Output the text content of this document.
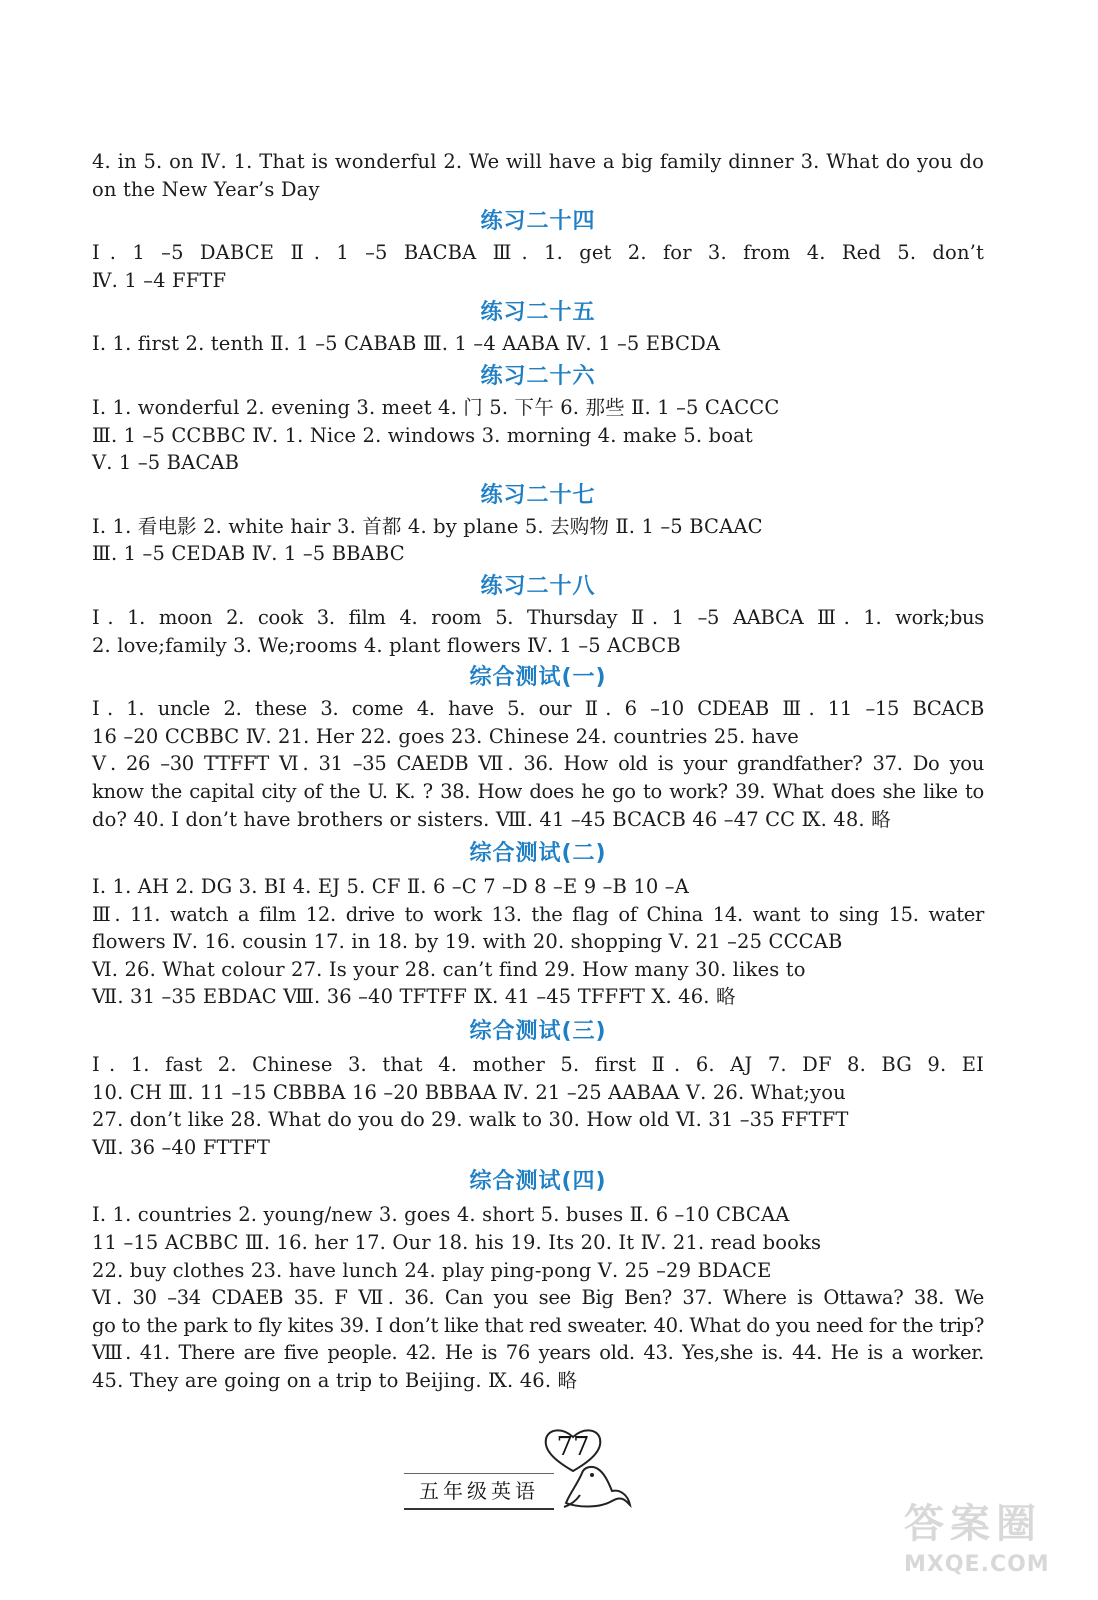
4. in 5. on Ⅳ. 1. That is wonderful 2. We will have a big family dinner 3. What do you do
on the New Year’s Day
练习二十四
Ⅰ. 1 –5 DABCE Ⅱ. 1 –5 BACBA Ⅲ. 1. get 2. for 3. from 4. Red 5. don’t
Ⅳ. 1 –4 FFTF
练习二十五
Ⅰ. 1. first 2. tenth Ⅱ. 1 –5 CABAB Ⅲ. 1 –4 AABA Ⅳ. 1 –5 EBCDA
练习二十六
Ⅰ. 1. wonderful 2. evening 3. meet 4. 门 5. 下午 6. 那些 Ⅱ. 1 –5 CACCC
Ⅲ. 1 –5 CCBBC Ⅳ. 1. Nice 2. windows 3. morning 4. make 5. boat
Ⅴ. 1 –5 BACAB
练习二十七
Ⅰ. 1. 看电影 2. white hair 3. 首都 4. by plane 5. 去购物 Ⅱ. 1 –5 BCAAC
Ⅲ. 1 –5 CEDAB Ⅳ. 1 –5 BBABC
练习二十八
Ⅰ. 1. moon 2. cook 3. film 4. room 5. Thursday Ⅱ. 1 –5 AABCA Ⅲ. 1. work;bus
2. love;family 3. We;rooms 4. plant flowers Ⅳ. 1 –5 ACBCB
综合测试(一)
Ⅰ. 1. uncle 2. these 3. come 4. have 5. our Ⅱ. 6 –10 CDEAB Ⅲ. 11 –15 BCACB
16 –20 CCBBC Ⅳ. 21. Her 22. goes 23. Chinese 24. countries 25. have
Ⅴ. 26 –30 TTFFT Ⅵ. 31 –35 CAEDB Ⅶ. 36. How old is your grandfather? 37. Do you
know the capital city of the U. K. ? 38. How does he go to work? 39. What does she like to
do? 40. I don’t have brothers or sisters. Ⅷ. 41 –45 BCACB 46 –47 CC Ⅸ. 48. 略
综合测试(二)
Ⅰ. 1. AH 2. DG 3. BI 4. EJ 5. CF Ⅱ. 6 –C 7 –D 8 –E 9 –B 10 –A
Ⅲ. 11. watch a film 12. drive to work 13. the flag of China 14. want to sing 15. water
flowers Ⅳ. 16. cousin 17. in 18. by 19. with 20. shopping Ⅴ. 21 –25 CCCAB
Ⅵ. 26. What colour 27. Is your 28. can’t find 29. How many 30. likes to
Ⅶ. 31 –35 EBDAC Ⅷ. 36 –40 TFTFF Ⅸ. 41 –45 TFFFT Ⅹ. 46. 略
综合测试(三)
Ⅰ. 1. fast 2. Chinese 3. that 4. mother 5. first Ⅱ. 6. AJ 7. DF 8. BG 9. EI
10. CH Ⅲ. 11 –15 CBBBA 16 –20 BBBAA Ⅳ. 21 –25 AABAA Ⅴ. 26. What;you
27. don’t like 28. What do you do 29. walk to 30. How old Ⅵ. 31 –35 FFTFT
Ⅶ. 36 –40 FTTFT
综合测试(四)
Ⅰ. 1. countries 2. young/new 3. goes 4. short 5. buses Ⅱ. 6 –10 CBCAA
11 –15 ACBBC Ⅲ. 16. her 17. Our 18. his 19. Its 20. It Ⅳ. 21. read books
22. buy clothes 23. have lunch 24. play ping-pong Ⅴ. 25 –29 BDACE
Ⅵ. 30 –34 CDAEB 35. F Ⅶ. 36. Can you see Big Ben? 37. Where is Ottawa? 38. We
go to the park to fly kites 39. I don’t like that red sweater. 40. What do you need for the trip?
Ⅷ. 41. There are five people. 42. He is 76 years old. 43. Yes,she is. 44. He is a worker.
45. They are going on a trip to Beijing. Ⅸ. 46. 略
77
五年级英语
答案圈
MXQE.COM
